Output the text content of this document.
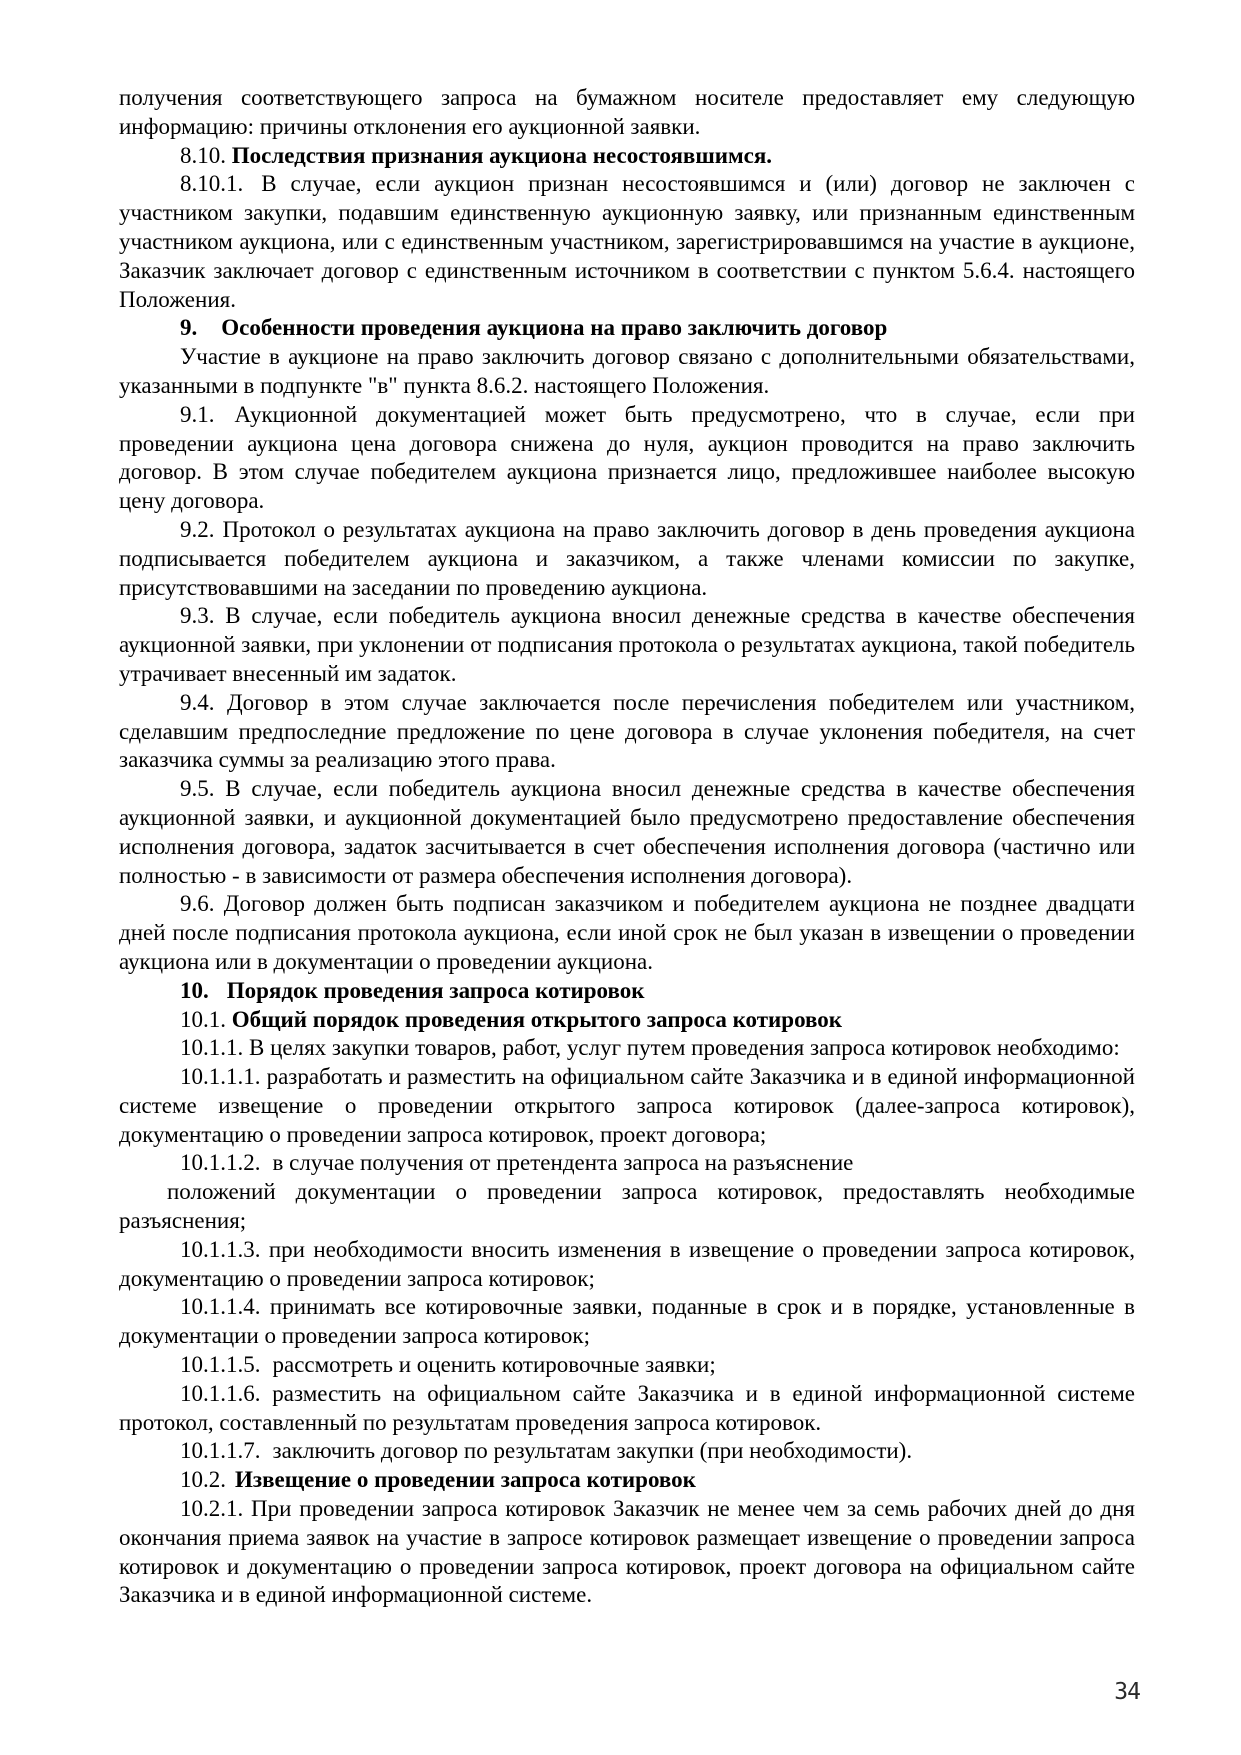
получения соответствующего запроса на бумажном носителе предоставляет ему следующую информацию: причины отклонения его аукционной заявки.

8.10. Последствия признания аукциона несостоявшимся.

8.10.1. В случае, если аукцион признан несостоявшимся и (или) договор не заключен с участником закупки, подавшим единственную аукционную заявку, или признанным единственным участником аукциона, или с единственным участником, зарегистрировавшимся на участие в аукционе, Заказчик заключает договор с единственным источником в соответствии с пунктом 5.6.4. настоящего Положения.

9. Особенности проведения аукциона на право заключить договор

Участие в аукционе на право заключить договор связано с дополнительными обязательствами, указанными в подпункте "в" пункта 8.6.2. настоящего Положения.

9.1. Аукционной документацией может быть предусмотрено, что в случае, если при проведении аукциона цена договора снижена до нуля, аукцион проводится на право заключить договор. В этом случае победителем аукциона признается лицо, предложившее наиболее высокую цену договора.

9.2. Протокол о результатах аукциона на право заключить договор в день проведения аукциона подписывается победителем аукциона и заказчиком, а также членами комиссии по закупке, присутствовавшими на заседании по проведению аукциона.

9.3. В случае, если победитель аукциона вносил денежные средства в качестве обеспечения аукционной заявки, при уклонении от подписания протокола о результатах аукциона, такой победитель утрачивает внесенный им задаток.

9.4. Договор в этом случае заключается после перечисления победителем или участником, сделавшим предпоследние предложение по цене договора в случае уклонения победителя, на счет заказчика суммы за реализацию этого права.

9.5. В случае, если победитель аукциона вносил денежные средства в качестве обеспечения аукционной заявки, и аукционной документацией было предусмотрено предоставление обеспечения исполнения договора, задаток засчитывается в счет обеспечения исполнения договора (частично или полностью - в зависимости от размера обеспечения исполнения договора).

9.6. Договор должен быть подписан заказчиком и победителем аукциона не позднее двадцати дней после подписания протокола аукциона, если иной срок не был указан в извещении о проведении аукциона или в документации о проведении аукциона.

10. Порядок проведения запроса котировок

10.1. Общий порядок проведения открытого запроса котировок

10.1.1. В целях закупки товаров, работ, услуг путем проведения запроса котировок необходимо:

10.1.1.1. разработать и разместить на официальном сайте Заказчика и в единой информационной системе извещение о проведении открытого запроса котировок (далее-запроса котировок), документацию о проведении запроса котировок, проект договора;

10.1.1.2. в случае получения от претендента запроса на разъяснение

положений документации о проведении запроса котировок, предоставлять необходимые разъяснения;

10.1.1.3. при необходимости вносить изменения в извещение о проведении запроса котировок, документацию о проведении запроса котировок;

10.1.1.4. принимать все котировочные заявки, поданные в срок и в порядке, установленные в документации о проведении запроса котировок;

10.1.1.5. рассмотреть и оценить котировочные заявки;

10.1.1.6. разместить на официальном сайте Заказчика и в единой информационной системе протокол, составленный по результатам проведения запроса котировок.

10.1.1.7. заключить договор по результатам закупки (при необходимости).

10.2. Извещение о проведении запроса котировок

10.2.1. При проведении запроса котировок Заказчик не менее чем за семь рабочих дней до дня окончания приема заявок на участие в запросе котировок размещает извещение о проведении запроса котировок и документацию о проведении запроса котировок, проект договора на официальном сайте Заказчика и в единой информационной системе.

34
